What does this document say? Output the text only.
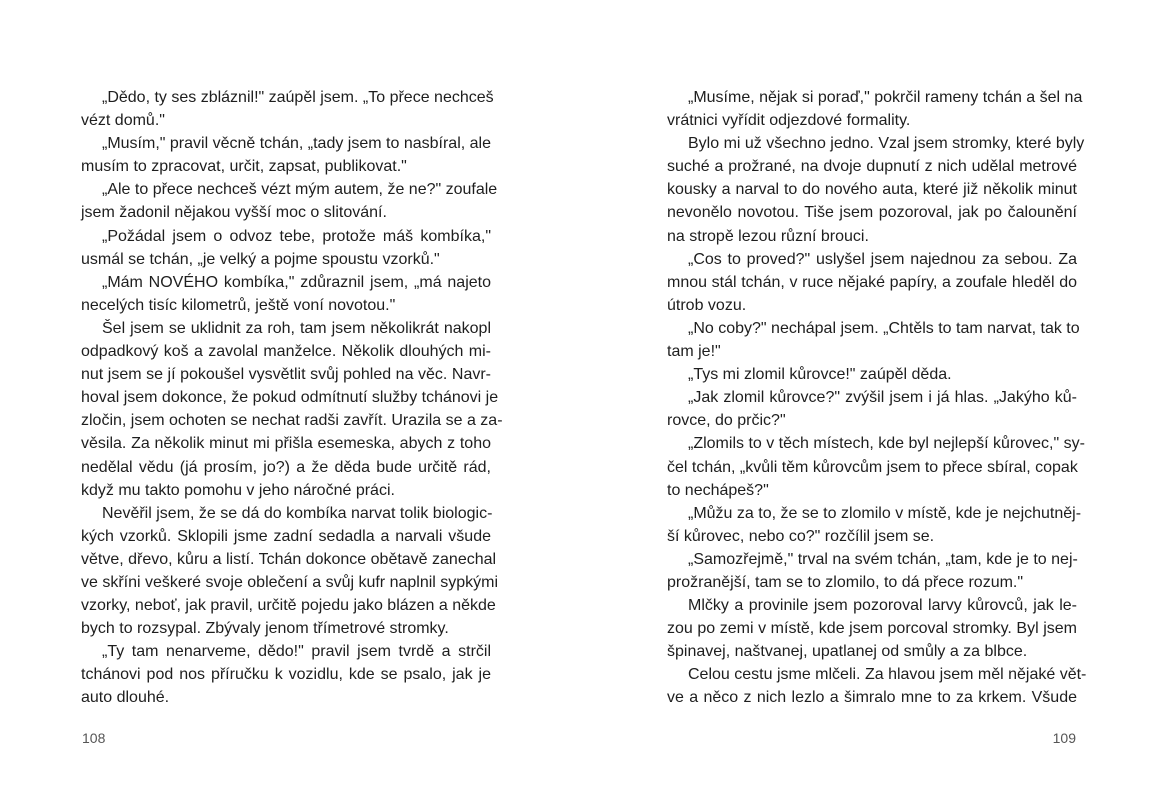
„Dědo, ty ses zbláznil!" zaúpěl jsem. „To přece nechceš
vézt domů."
„Musím," pravil věcně tchán, „tady jsem to nasbíral, ale
musím to zpracovat, určit, zapsat, publikovat."
„Ale to přece nechceš vézt mým autem, že ne?" zoufale
jsem žadonil nějakou vyšší moc o slitování.
„Požádal jsem o odvoz tebe, protože máš kombíka,"
usmál se tchán, „je velký a pojme spoustu vzorků."
„Mám NOVÉHO kombíka," zdůraznil jsem, „má najeto
necelých tisíc kilometrů, ještě voní novotou."
Šel jsem se uklidnit za roh, tam jsem několikrát nakopl
odpadkový koš a zavolal manželce. Několik dlouhých mi-
nut jsem se jí pokoušel vysvětlit svůj pohled na věc. Navr-
hoval jsem dokonce, že pokud odmítnutí služby tchánovi je
zločin, jsem ochoten se nechat radši zavřít. Urazila se a za-
věsila. Za několik minut mi přišla esemeska, abych z toho
nedělal vědu (já prosím, jo?) a že děda bude určitě rád,
když mu takto pomohu v jeho náročné práci.
Nevěřil jsem, že se dá do kombíka narvat tolik biologic-
kých vzorků. Sklopili jsme zadní sedadla a narvali všude
větve, dřevo, kůru a listí. Tchán dokonce obětavě zanechal
ve skříni veškeré svoje oblečení a svůj kufr naplnil sypkými
vzorky, neboť, jak pravil, určitě pojedu jako blázen a někde
bych to rozsypal. Zbývaly jenom třímetrové stromky.
„Ty tam nenarveme, dědo!" pravil jsem tvrdě a strčil
tchánovi pod nos příručku k vozidlu, kde se psalo, jak je
auto dlouhé.
„Musíme, nějak si poraď," pokrčil rameny tchán a šel na
vrátnici vyřídit odjezdové formality.
Bylo mi už všechno jedno. Vzal jsem stromky, které byly
suché a prožrané, na dvoje dupnutí z nich udělal metrové
kousky a narval to do nového auta, které již několik minut
nevonělo novotou. Tiše jsem pozoroval, jak po čalounění
na stropě lezou různí brouci.
„Cos to proved?" uslyšel jsem najednou za sebou. Za
mnou stál tchán, v ruce nějaké papíry, a zoufale hleděl do
útrob vozu.
„No coby?" nechápal jsem. „Chtěls to tam narvat, tak to
tam je!"
„Tys mi zlomil kůrovce!" zaúpěl děda.
„Jak zlomil kůrovce?" zvýšil jsem i já hlas. „Jakýho ků-
rovce, do prčic?"
„Zlomils to v těch místech, kde byl nejlepší kůrovec," sy-
čel tchán, „kvůli těm kůrovcům jsem to přece sbíral, copak
to nechápeš?"
„Můžu za to, že se to zlomilo v místě, kde je nejchutněj-
ší kůrovec, nebo co?" rozčílil jsem se.
„Samozřejmě," trval na svém tchán, „tam, kde je to nej-
prožranější, tam se to zlomilo, to dá přece rozum."
Mlčky a provinile jsem pozoroval larvy kůrovců, jak le-
zou po zemi v místě, kde jsem porcoval stromky. Byl jsem
špinavej, naštvanej, upatlanej od smůly a za blbce.
Celou cestu jsme mlčeli. Za hlavou jsem měl nějaké vět-
ve a něco z nich lezlo a šimralo mne to za krkem. Všude
108	109
